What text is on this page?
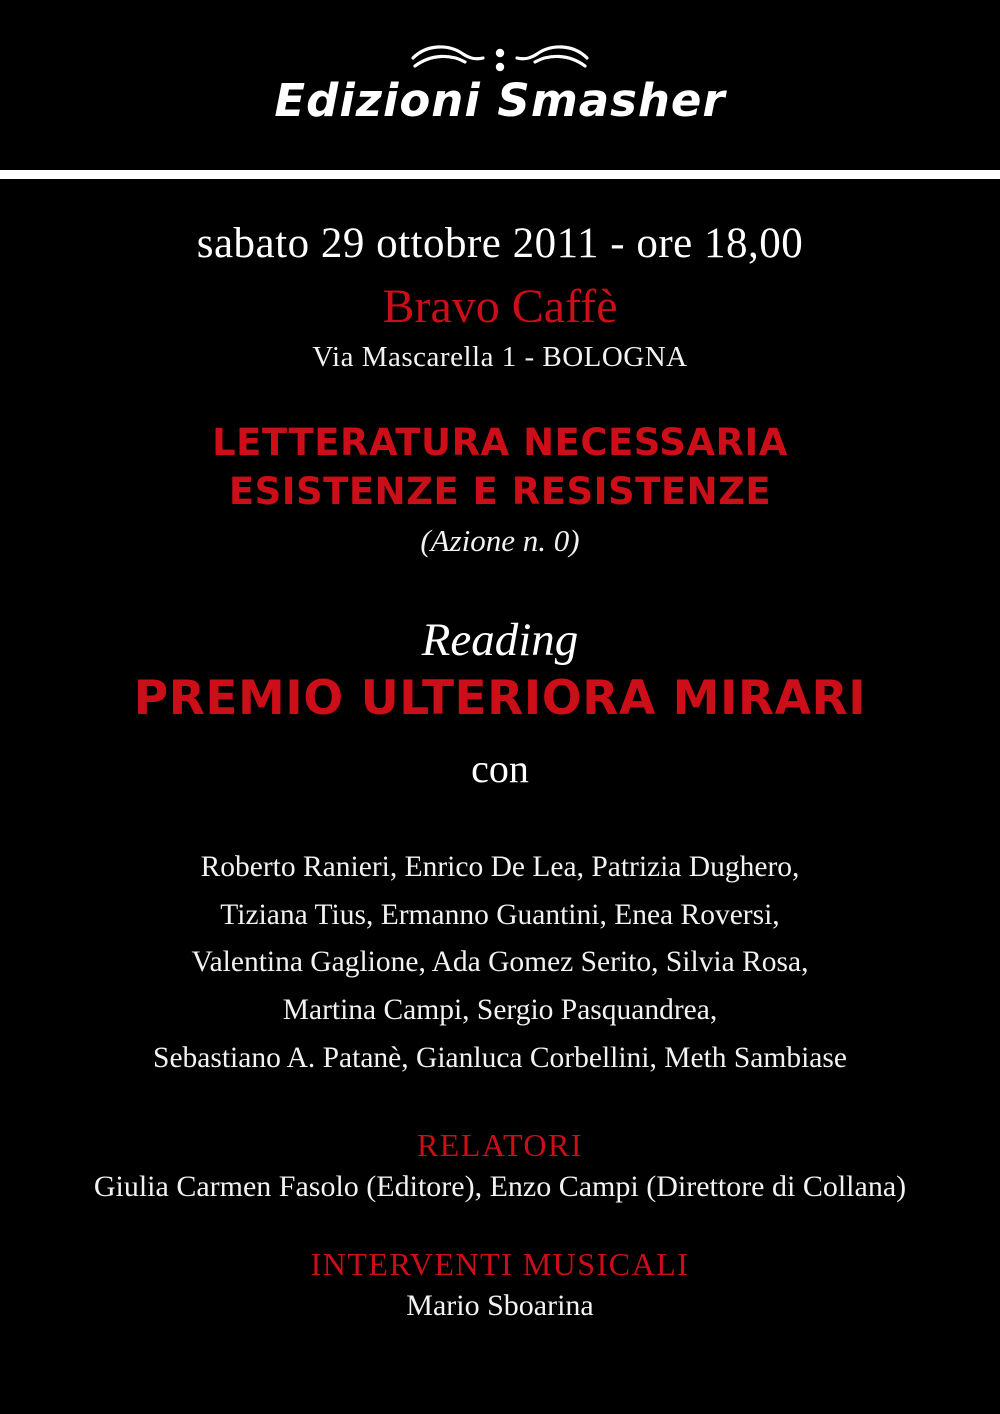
Edizioni Smasher
sabato 29 ottobre 2011 - ore 18,00
Bravo Caffè
Via Mascarella 1 - BOLOGNA
LETTERATURA NECESSARIA
ESISTENZE E RESISTENZE
(Azione n. 0)
Reading
PREMIO ULTERIORA MIRARI
con
Roberto Ranieri, Enrico De Lea, Patrizia Dughero,
Tiziana Tius, Ermanno Guantini, Enea Roversi,
Valentina Gaglione, Ada Gomez Serito, Silvia Rosa,
Martina Campi, Sergio Pasquandrea,
Sebastiano A. Patanè, Gianluca Corbellini, Meth Sambiase
RELATORI
Giulia Carmen Fasolo (Editore), Enzo Campi (Direttore di Collana)
INTERVENTI MUSICALI
Mario Sboarina
